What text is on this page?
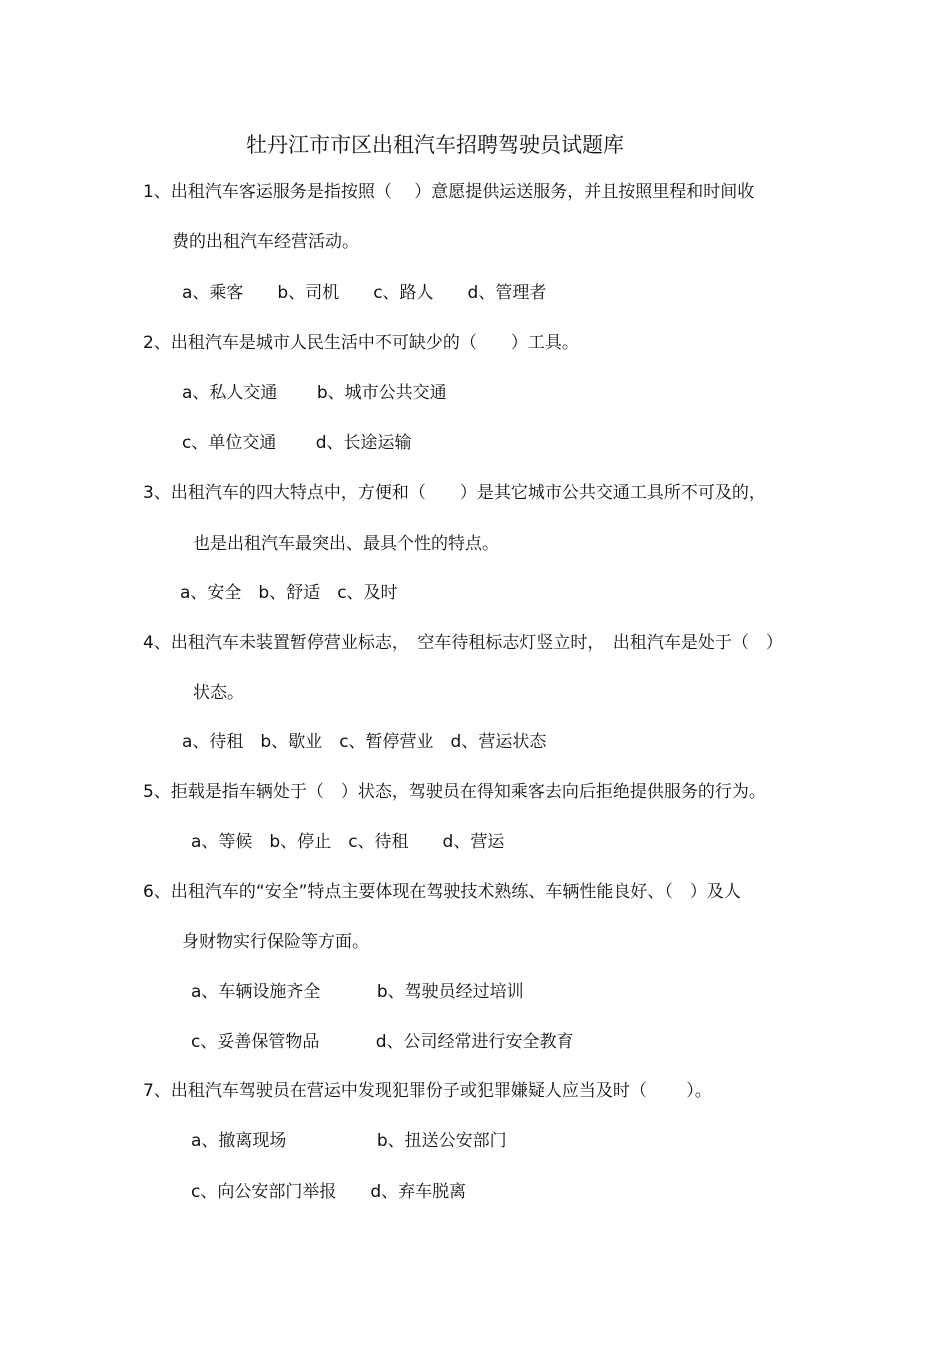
牡丹江市市区出租汽车招聘驾驶员试题库
1、出租汽车客运服务是指按照（　 ）意愿提供运送服务，并且按照里程和时间收
费的出租汽车经营活动。
a、乘客　　b、司机　　c、路人　　d、管理者
2、出租汽车是城市人民生活中不可缺少的（　　）工具。
a、私人交通　　 b、城市公共交通
c、单位交通　　 d、长途运输
3、出租汽车的四大特点中，方便和（　　）是其它城市公共交通工具所不可及的，
也是出租汽车最突出、最具个性的特点。
a、安全　b、舒适　c、及时
4、出租汽车未装置暂停营业标志，　空车待租标志灯竖立时，　出租汽车是处于（　）
状态。
a、待租　b、歇业　c、暂停营业　d、营运状态
5、拒载是指车辆处于（　）状态，驾驶员在得知乘客去向后拒绝提供服务的行为。
a、等候　b、停止　c、待租　　d、营运
6、出租汽车的“安全”特点主要体现在驾驶技术熟练、车辆性能良好、（　）及人
身财物实行保险等方面。
a、车辆设施齐全　　　 b、驾驶员经过培训
c、妥善保管物品　　　 d、公司经常进行安全教育
7、出租汽车驾驶员在营运中发现犯罪份子或犯罪嫌疑人应当及时（　　 ）。
a、撤离现场　　　　　 b、扭送公安部门
c、向公安部门举报　　d、弃车脱离
